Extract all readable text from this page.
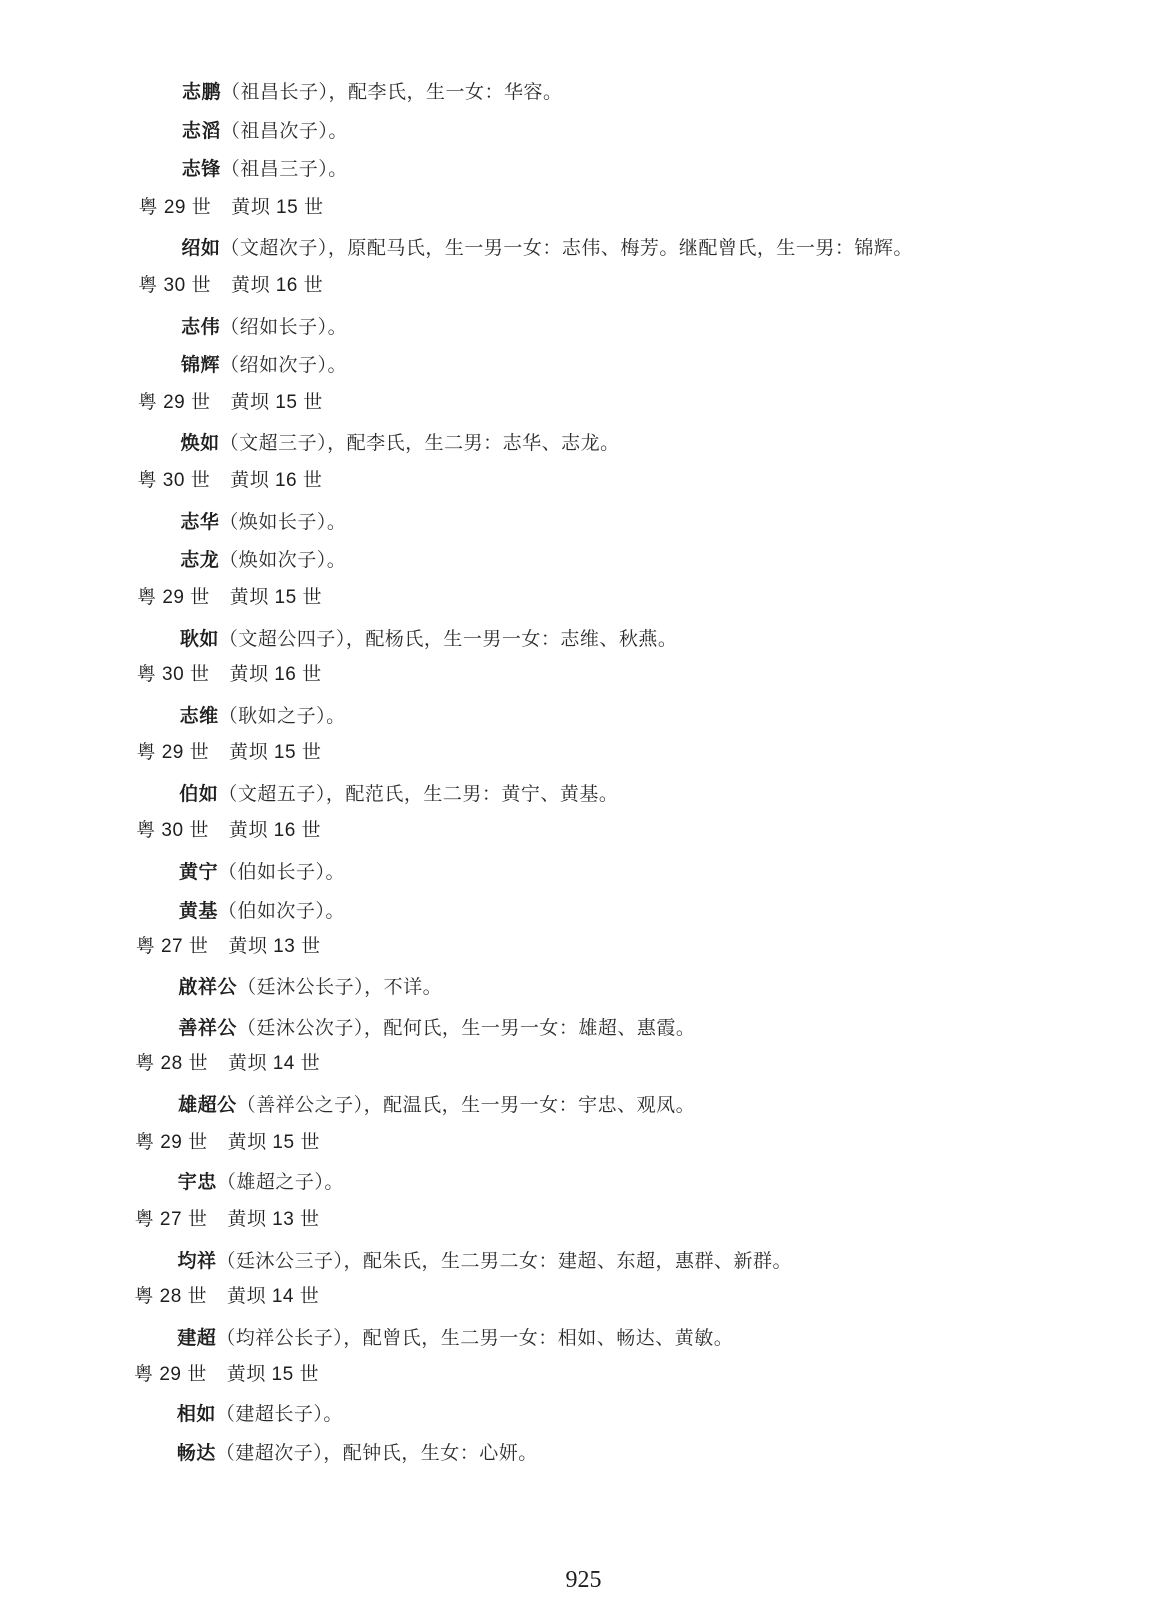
志鹏（祖昌长子），配李氏，生一女：华容。
志滔（祖昌次子）。
志锋（祖昌三子）。
粤 29 世 黄坝 15 世
绍如（文超次子），原配马氏，生一男一女：志伟、梅芳。继配曾氏，生一男：锦辉。
粤 30 世 黄坝 16 世
志伟（绍如长子）。
锦辉（绍如次子）。
粤 29 世 黄坝 15 世
焕如（文超三子），配李氏，生二男：志华、志龙。
粤 30 世 黄坝 16 世
志华（焕如长子）。
志龙（焕如次子）。
粤 29 世 黄坝 15 世
耿如（文超公四子），配杨氏，生一男一女：志维、秋燕。
粤 30 世 黄坝 16 世
志维（耿如之子）。
粤 29 世 黄坝 15 世
伯如（文超五子），配范氏，生二男：黄宁、黄基。
粤 30 世 黄坝 16 世
黄宁（伯如长子）。
黄基（伯如次子）。
粤 27 世 黄坝 13 世
啟祥公（廷沐公长子），不详。
善祥公（廷沐公次子），配何氏，生一男一女：雄超、惠霞。
粤 28 世 黄坝 14 世
雄超公（善祥公之子），配温氏，生一男一女：宇忠、观凤。
粤 29 世 黄坝 15 世
宇忠（雄超之子）。
粤 27 世 黄坝 13 世
均祥（廷沐公三子），配朱氏，生二男二女：建超、东超，惠群、新群。
粤 28 世 黄坝 14 世
建超（均祥公长子），配曾氏，生二男一女：相如、畅达、黄敏。
粤 29 世 黄坝 15 世
相如（建超长子）。
畅达（建超次子），配钟氏，生女：心妍。
925
